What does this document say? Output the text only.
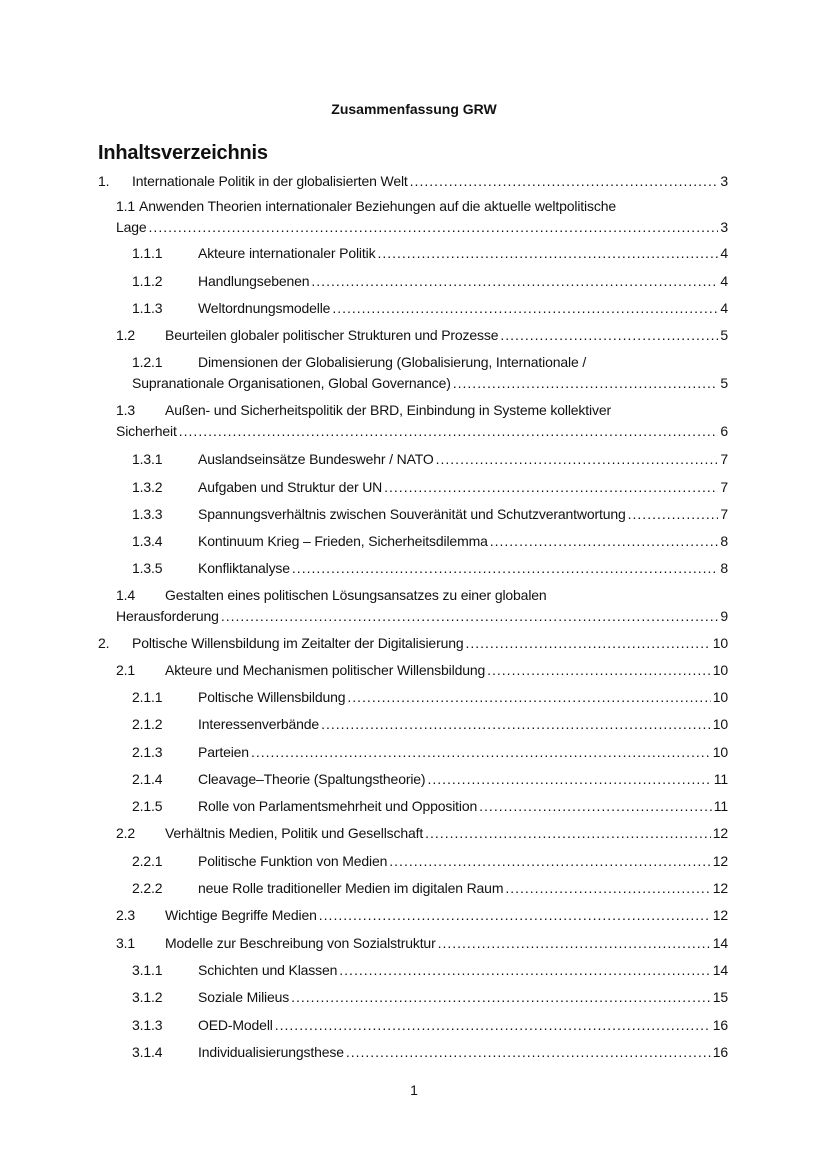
Zusammenfassung GRW
Inhaltsverzeichnis
1.	Internationale Politik in der globalisierten Welt .....	3
1.1 Anwenden Theorien internationaler Beziehungen auf die aktuelle weltpolitische
Lage .....	3
1.1.1	Akteure internationaler Politik .....	4
1.1.2	Handlungsebenen .....	4
1.1.3	Weltordnungsmodelle .....	4
1.2	Beurteilen globaler politischer Strukturen und Prozesse .....	5
1.2.1	Dimensionen der Globalisierung (Globalisierung, Internationale /
Supranationale Organisationen, Global Governance) .....	5
1.3	Außen- und Sicherheitspolitik der BRD, Einbindung in Systeme kollektiver
Sicherheit .....	6
1.3.1	Auslandseinsätze Bundeswehr / NATO .....	7
1.3.2	Aufgaben und Struktur der UN .....	7
1.3.3	Spannungsverhältnis zwischen Souveränität und Schutzverantwortung .....	7
1.3.4	Kontinuum Krieg – Frieden, Sicherheitsdilemma .....	8
1.3.5	Konfliktanalyse .....	8
1.4	Gestalten eines politischen Lösungsansatzes zu einer globalen
Herausforderung .....	9
2.	Poltische Willensbildung im Zeitalter der Digitalisierung .....	10
2.1	Akteure und Mechanismen politischer Willensbildung .....	10
2.1.1	Poltische Willensbildung .....	10
2.1.2	Interessenverbände .....	10
2.1.3	Parteien .....	10
2.1.4	Cleavage–Theorie (Spaltungstheorie) .....	11
2.1.5	Rolle von Parlamentsmehrheit und Opposition .....	11
2.2	Verhältnis Medien, Politik und Gesellschaft .....	12
2.2.1	Politische Funktion von Medien .....	12
2.2.2	neue Rolle traditioneller Medien im digitalen Raum .....	12
2.3	Wichtige Begriffe Medien .....	12
3.1	Modelle zur Beschreibung von Sozialstruktur .....	14
3.1.1	Schichten und Klassen .....	14
3.1.2	Soziale Milieus .....	15
3.1.3	OED-Modell .....	16
3.1.4	Individualisierungsthese .....	16
1
